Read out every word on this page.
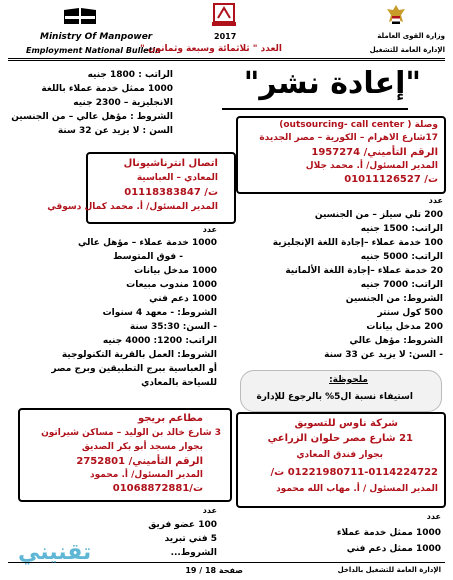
Ministry Of Manpower	2017	وزارة القوى العاملة
الإدارة العامة للتشغيل
Employment National Bulletin
العدد " ثلاثمائة وسبعة وثمانون "
الراتب : 1800 جنيه
1000 ممثل خدمة عملاء باللغة
الانجليزية – 2300 جنيه
الشروط : مؤهل عالي – من الجنسين
السن : لا يزيد عن 32 سنة
"إعادة نشر"
وصلة ( outsourcing- call center)
17شارع الاهرام – الكورية – مصر الجديدة
الرقم التأميني/ 1957274
المدير المسئول/ أ. محمد جلال
ت/ 01011126527
اتصال انترناشيونال
المعادي – العباسية
ت/ 01118383847
المدير المسئول/ أ. محمد كمال دسوقي
عدد
200 تلي سيلز – من الجنسين
الراتب: 1500 جنيه
100 خدمة عملاء –إجادة اللغة الإنجليزية
الراتب: 5000 جنيه
20 خدمة عملاء –إجادة اللغة الألمانية
الراتب: 7000 جنيه
الشروط: من الجنسين
500 كول سنتر
200 مدخل بيانات
الشروط: مؤهل عالي
- السن: لا يزيد عن 33 سنة
عدد
1000 خدمة عملاء – مؤهل عالي
- فوق المتوسط
1000 مدخل بيانات
1000 مندوب مبيعات
1000 دعم فني
الشروط: - معهد 4 سنوات
- السن: 35:30 سنة
الراتب: 1200: 4000 جنيه
الشروط: العمل بالقرية التكنولوجية
أو العباسية ببرج التطبيقين وبرج مصر
للسياحة بالمعادي	ملحوظة:
استيفاء نسبة ال5% بالرجوع للإدارة
مطاعم بريجو
3 شارع خالد بن الوليد – مساكن شيراتون
بجوار مسجد أبو بكر الصديق
الرقم التأميني/ 2752801
المدير المسئول/ أ. محمود
ت/01068872881
شركة ناوس للتسويق
21 شارع مصر حلوان الزراعي
بجوار فندق المعادي
01221980711-0114224722 ت/
المدير المسئول / أ. مهاب الله محمود
عدد
100 عضو فريق
5 فني تبريد
الشروط...
عدد
1000 ممثل خدمة عملاء
1000 ممثل دعم فني
صفحة 18 / 19	الإدارة العامة للتشغيل بالداخل
تقنيني
